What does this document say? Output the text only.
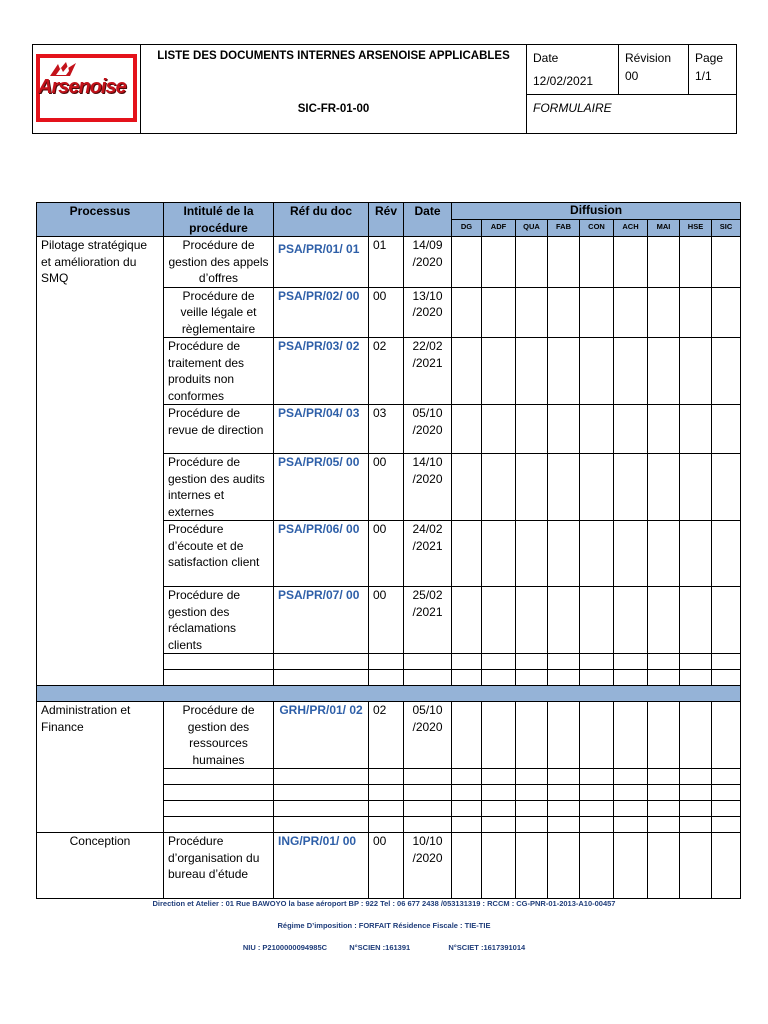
Arsenoise

LISTE DES DOCUMENTS INTERNES ARSENOISE APPLICABLES
SIC-FR-01-00

Date
12/02/2021

Révision
00

Page
1/1

FORMULAIRE
Processus	Intitulé de la procédure	Réf du doc	Rév	Date	Diffusion								
					DG	ADF	QUA	FAB	CON	ACH	MAI	HSE	SIC
Pilotage stratégique et amélioration du SMQ	Procédure de gestion des appels d’offres	PSA/PR/01/ 01	01	14/09 /2020									
	Procédure de veille légale et règlementaire	PSA/PR/02/ 00	00	13/10 /2020									
	Procédure de traitement des produits non conformes	PSA/PR/03/ 02	02	22/02 /2021									
	Procédure de revue de direction	PSA/PR/04/ 03	03	05/10 /2020									
	Procédure de gestion des audits internes et externes	PSA/PR/05/ 00	00	14/10 /2020									
	Procédure d’écoute et de satisfaction client	PSA/PR/06/ 00	00	24/02 /2021									
	Procédure de gestion des réclamations clients	PSA/PR/07/ 00	00	25/02 /2021									

Administration et Finance	Procédure de gestion des ressources humaines	GRH/PR/01/ 02	02	05/10 /2020									

Conception	Procédure d’organisation du bureau d’étude	ING/PR/01/ 00	00	10/10 /2020									
Direction et Atelier : 01 Rue BAWOYO la base aéroport BP : 922 Tel : 06 677 2438 /053131319 : RCCM : CG-PNR-01-2013-A10-00457
Régime D’imposition : FORFAIT Résidence Fiscale : TIE-TIE
NIU : P2100000094985C	N°SCIEN :161391	N°SCIET :1617391014
